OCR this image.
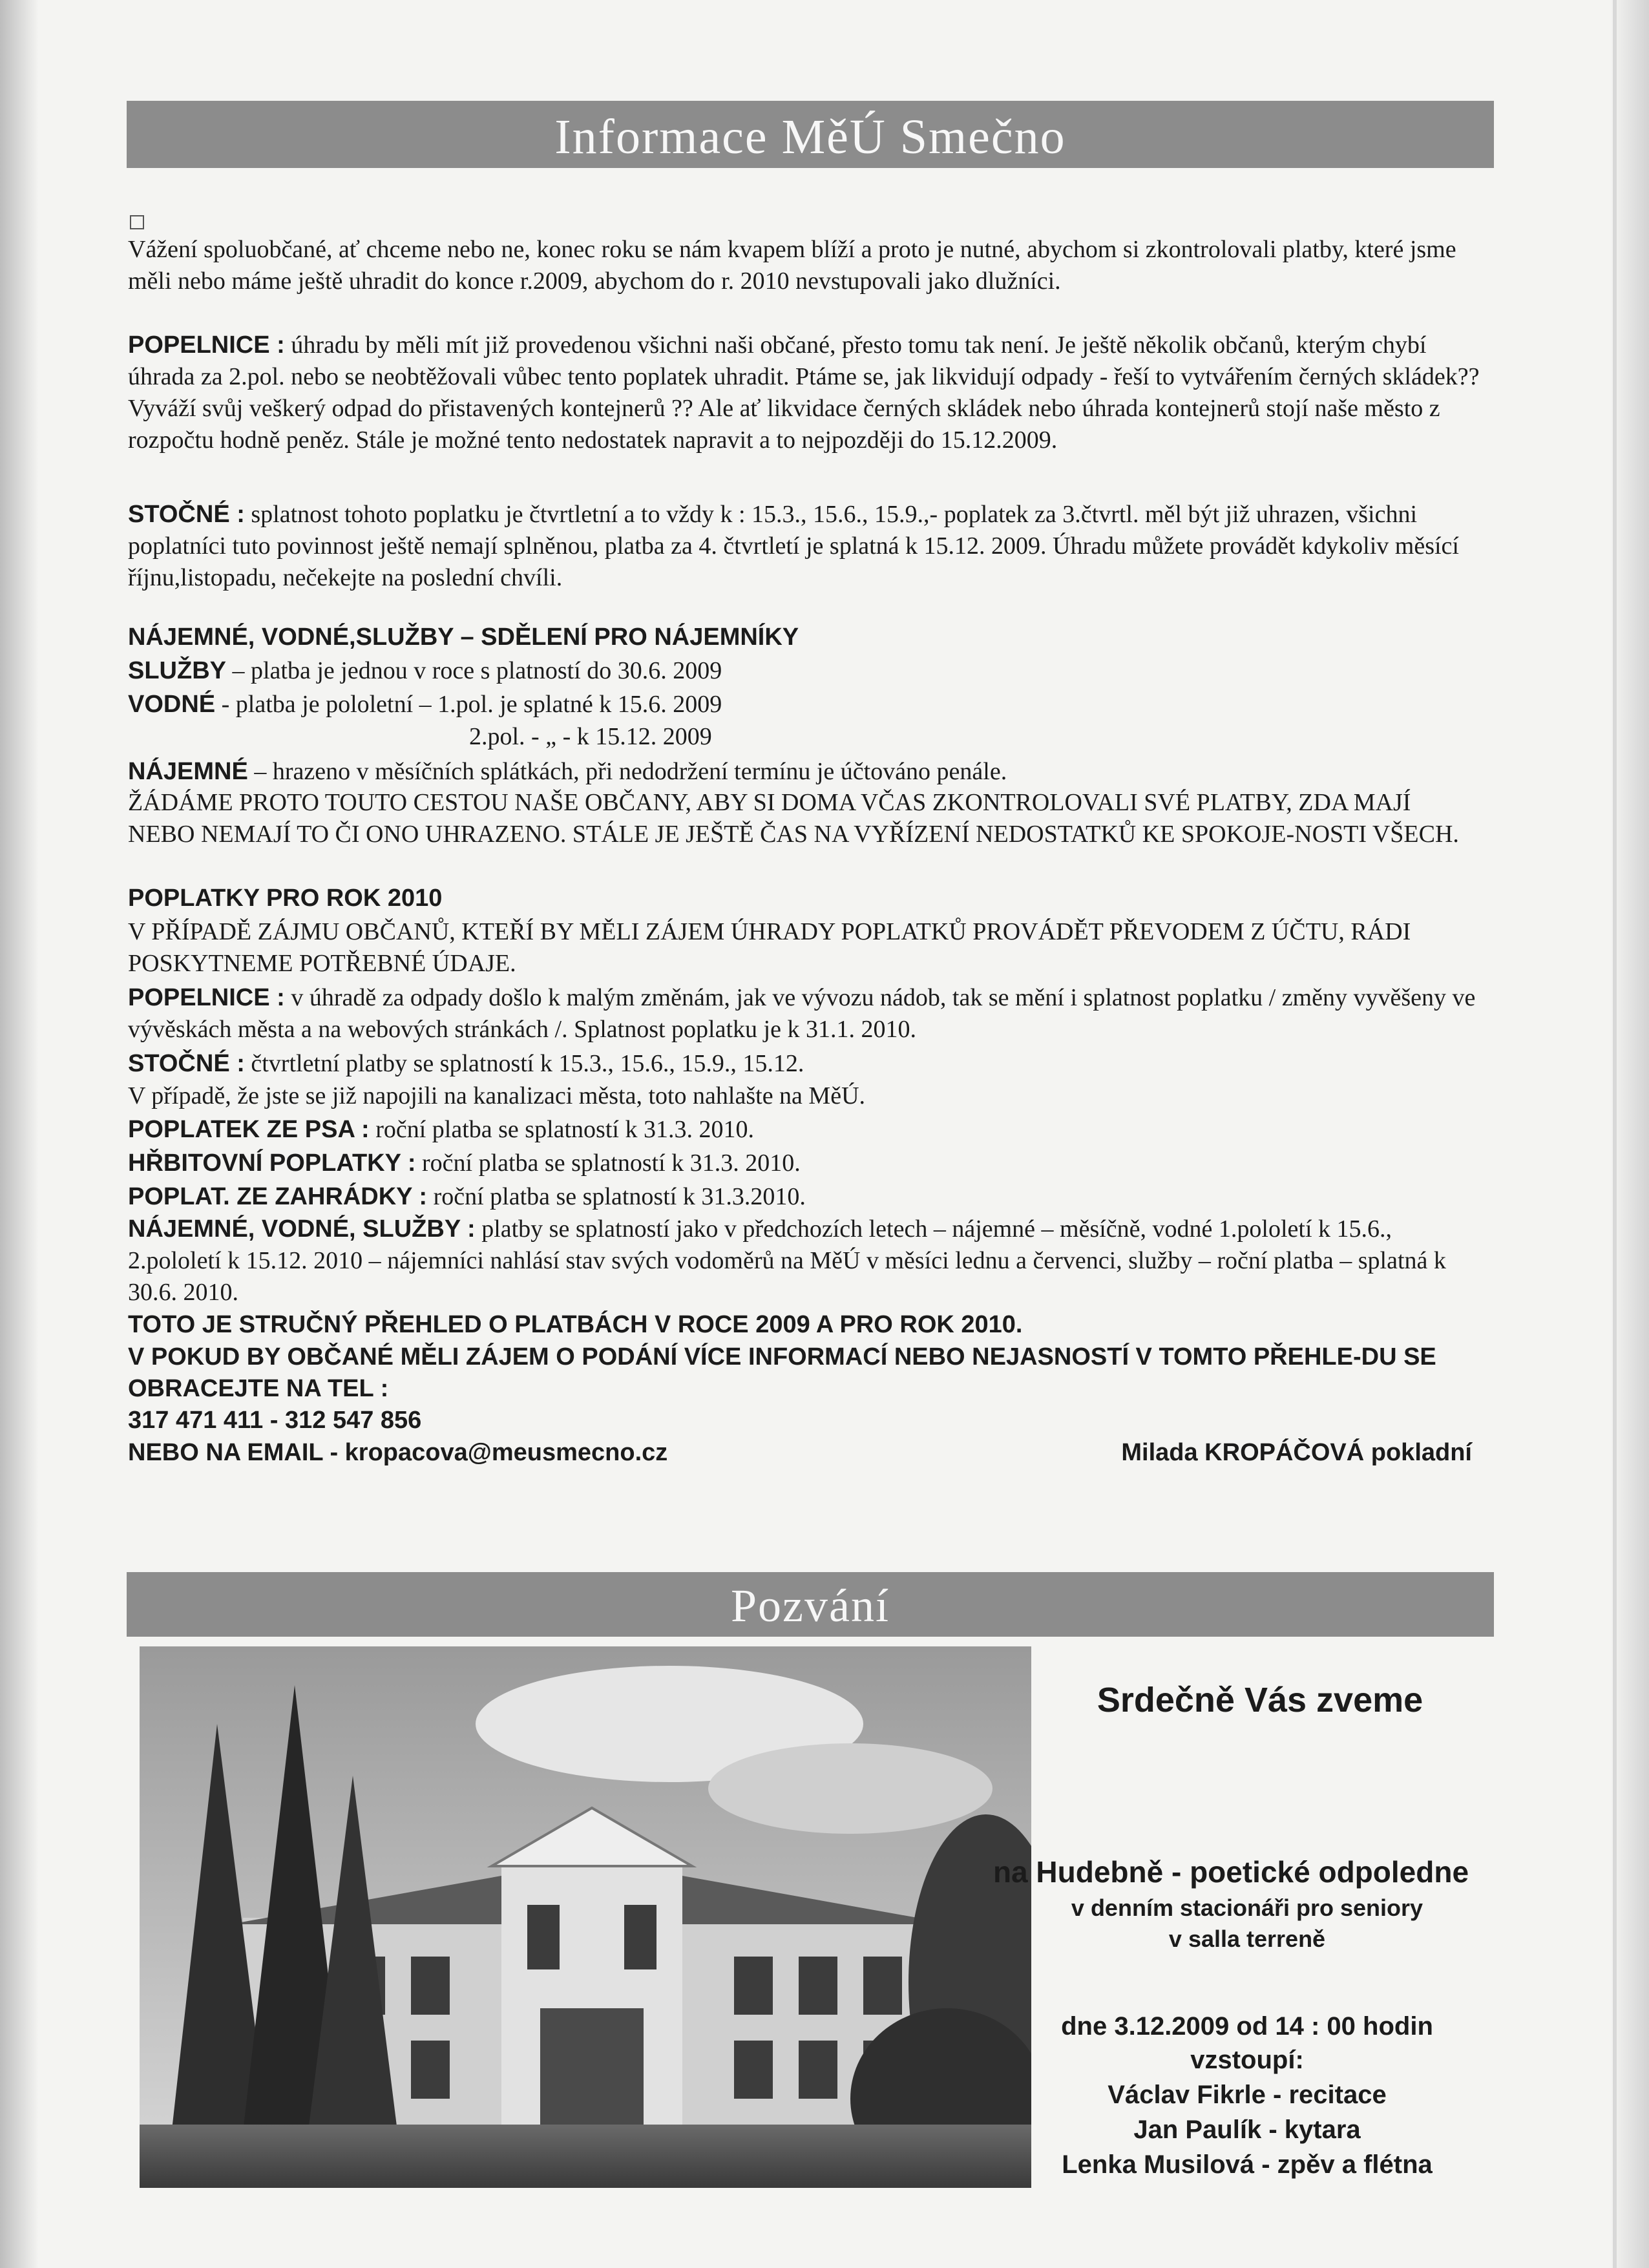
Informace MěÚ Smečno

Vážení spoluobčané, ať chceme nebo ne, konec roku se nám kvapem blíží a proto je nutné, abychom si zkontrolovali platby, které jsme měli nebo máme ještě uhradit do konce r.2009, abychom do r. 2010 nevstupovali jako dlužníci.

POPELNICE : úhradu by měli mít již provedenou všichni naši občané, přesto tomu tak není. Je ještě několik občanů, kterým chybí úhrada za 2.pol. nebo se neobtěžovali vůbec tento poplatek uhradit. Ptáme se, jak likvidují odpady - řeší to vytvářením černých skládek?? Vyváží svůj veškerý odpad do přistavených kontejnerů ?? Ale ať likvidace černých skládek nebo úhrada kontejnerů stojí naše město z rozpočtu hodně peněz. Stále je možné tento nedostatek napravit a to nejpozději do 15.12.2009.

STOČNÉ : splatnost tohoto poplatku je čtvrtletní a to vždy k : 15.3., 15.6., 15.9.,- poplatek za 3.čtvrtl. měl být již uhrazen, všichni poplatníci tuto povinnost ještě nemají splněnou, platba za 4. čtvrtletí je splatná k 15.12. 2009. Úhradu můžete provádět kdykoliv měsící říjnu,listopadu, nečekejte na poslední chvíli.

NÁJEMNÉ, VODNÉ,SLUŽBY – SDĚLENÍ PRO NÁJEMNÍKY

SLUŽBY – platba je jednou v roce s platností do 30.6. 2009

VODNÉ - platba je pololetní – 1.pol. je splatné k 15.6. 2009

2.pol. - „ - k 15.12. 2009

NÁJEMNÉ – hrazeno v měsíčních splátkách, při nedodržení termínu je účtováno penále.

ŽÁDÁME PROTO TOUTO CESTOU NAŠE OBČANY, ABY SI DOMA VČAS ZKONTROLOVALI SVÉ PLATBY, ZDA MAJÍ NEBO NEMAJÍ TO ČI ONO UHRAZENO. STÁLE JE JEŠTĚ ČAS NA VYŘÍZENÍ NEDOSTATKŮ KE SPOKOJE-NOSTI VŠECH.

POPLATKY PRO ROK 2010

V PŘÍPADĚ ZÁJMU OBČANŮ, KTEŘÍ BY MĚLI ZÁJEM ÚHRADY POPLATKŮ PROVÁDĚT PŘEVODEM Z ÚČTU, RÁDI POSKYTNEME POTŘEBNÉ ÚDAJE.

POPELNICE : v úhradě za odpady došlo k malým změnám, jak ve vývozu nádob, tak se mění i splatnost poplatku / změny vyvěšeny ve vývěskách města a na webových stránkách /. Splatnost poplatku je k 31.1. 2010.

STOČNÉ : čtvrtletní platby se splatností k 15.3., 15.6., 15.9., 15.12.

V případě, že jste se již napojili na kanalizaci města, toto nahlašte na MěÚ.

POPLATEK ZE PSA : roční platba se splatností k 31.3. 2010.

HŘBITOVNÍ POPLATKY : roční platba se splatností k 31.3. 2010.

POPLAT. ZE ZAHRÁDKY : roční platba se splatností k 31.3.2010.

NÁJEMNÉ, VODNÉ, SLUŽBY : platby se splatností jako v předchozích letech – nájemné – měsíčně, vodné 1.pololetí k 15.6., 2.pololetí k 15.12. 2010 – nájemníci nahlásí stav svých vodoměrů na MěÚ v měsíci lednu a červenci, služby – roční platba – splatná k 30.6. 2010.

TOTO JE STRUČNÝ PŘEHLED O PLATBÁCH V ROCE 2009 A PRO ROK 2010.

V POKUD BY OBČANÉ MĚLI ZÁJEM O PODÁNÍ VÍCE INFORMACÍ NEBO NEJASNOSTÍ V TOMTO PŘEHLE-DU SE OBRACEJTE NA TEL :

317 471 411 - 312 547 856

NEBO NA EMAIL - kropacova@meusmecno.cz	Milada KROPÁČOVÁ pokladní

Pozvání
Srdečně Vás zveme
na Hudebně - poetické odpoledne
v denním stacionáři pro seniory
v salla terreně
dne 3.12.2009 od 14 : 00 hodin
vzstoupí:
Václav Fikrle - recitace
Jan Paulík - kytara
Lenka Musilová - zpěv a flétna
